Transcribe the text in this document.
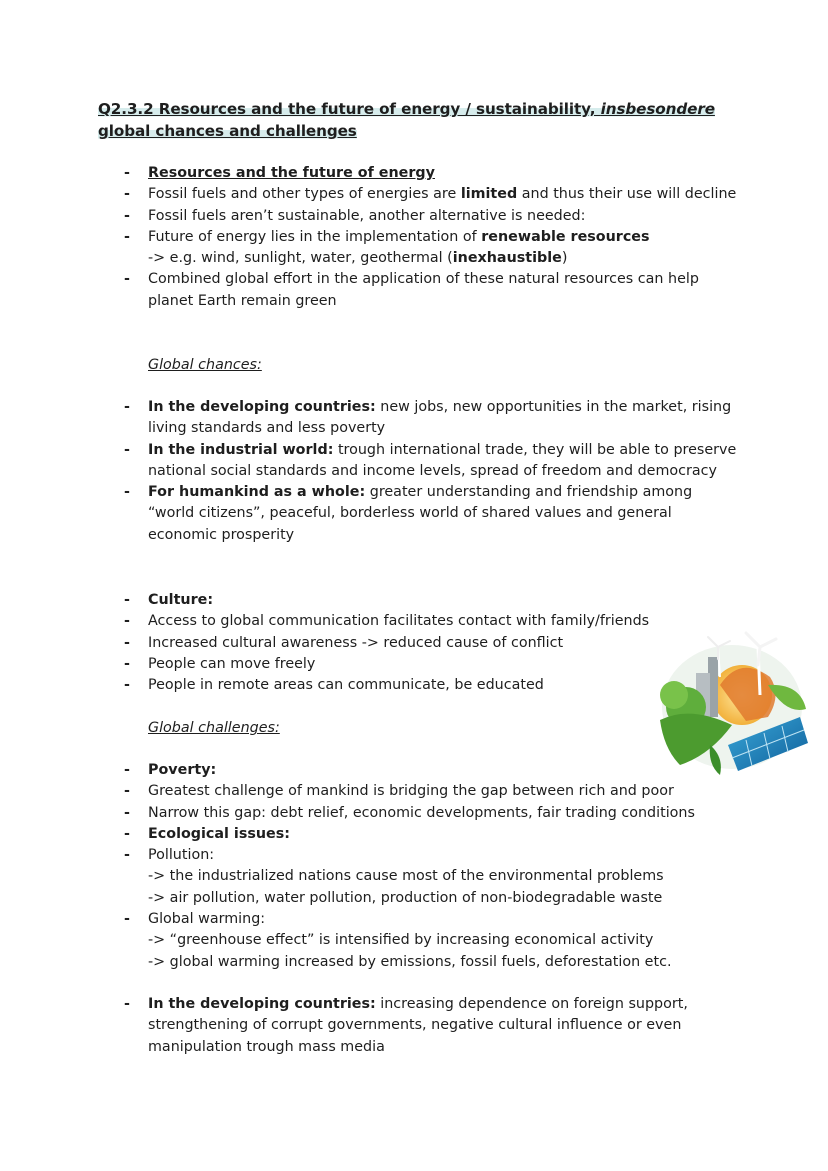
Q2.3.2 Resources and the future of energy / sustainability, insbesondere
global chances and challenges
- Resources and the future of energy
- Fossil fuels and other types of energies are limited and thus their use will decline
- Fossil fuels aren’t sustainable, another alternative is needed:
- Future of energy lies in the implementation of renewable resources
-> e.g. wind, sunlight, water, geothermal (inexhaustible)
- Combined global effort in the application of these natural resources can help planet Earth remain green
Global chances:
- In the developing countries: new jobs, new opportunities in the market, rising living standards and less poverty
- In the industrial world: trough international trade, they will be able to preserve national social standards and income levels, spread of freedom and democracy
- For humankind as a whole: greater understanding and friendship among “world citizens”, peaceful, borderless world of shared values and general economic prosperity
- Culture:
- Access to global communication facilitates contact with family/friends
- Increased cultural awareness -> reduced cause of conflict
- People can move freely
- People in remote areas can communicate, be educated
Global challenges:
- Poverty:
- Greatest challenge of mankind is bridging the gap between rich and poor
- Narrow this gap: debt relief, economic developments, fair trading conditions
- Ecological issues:
- Pollution:
-> the industrialized nations cause most of the environmental problems
-> air pollution, water pollution, production of non-biodegradable waste
- Global warming:
-> “greenhouse effect” is intensified by increasing economical activity
-> global warming increased by emissions, fossil fuels, deforestation etc.
- In the developing countries: increasing dependence on foreign support, strengthening of corrupt governments, negative cultural influence or even manipulation trough mass media
